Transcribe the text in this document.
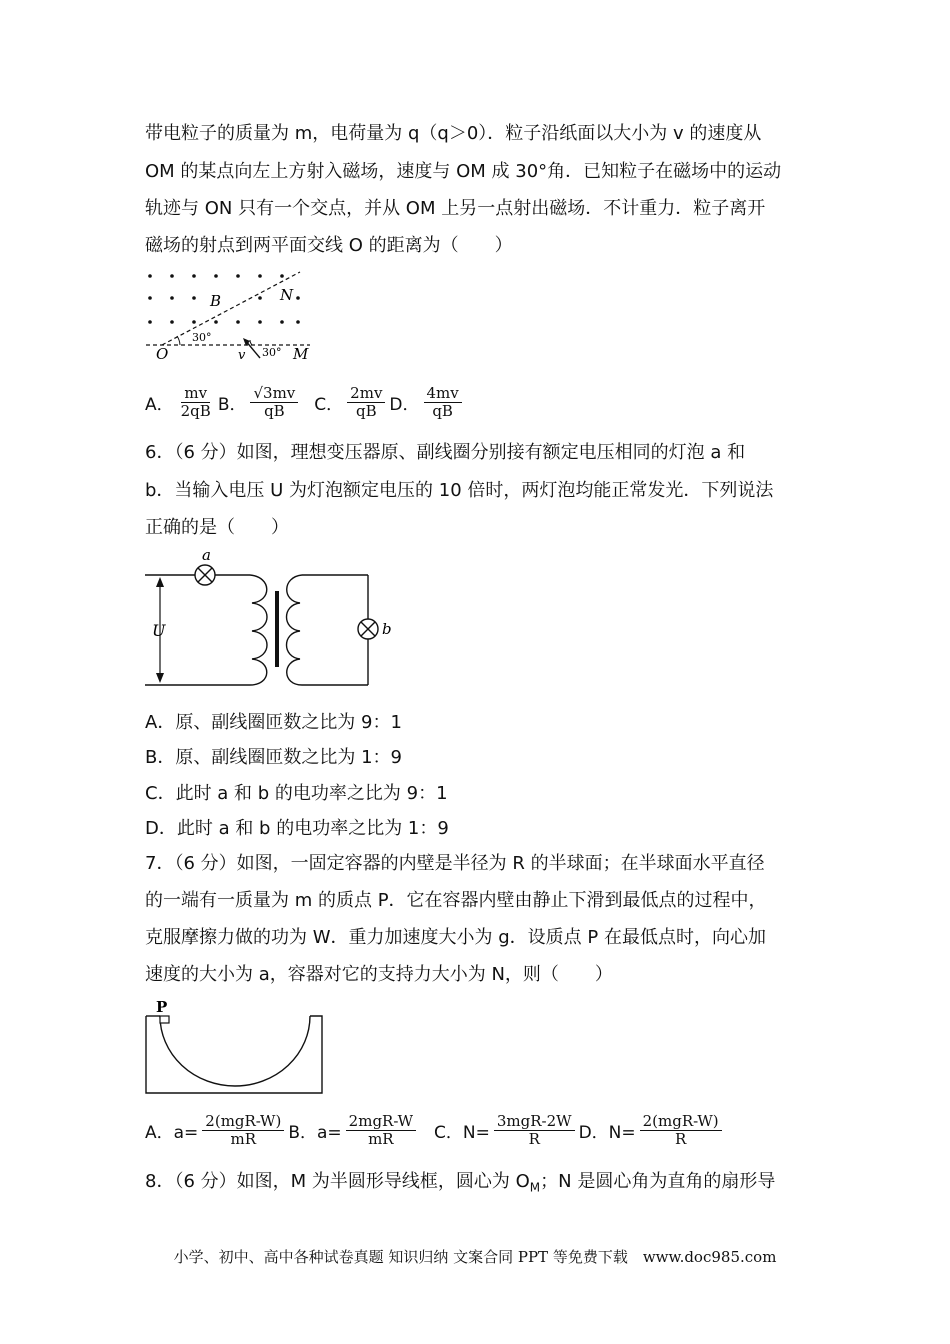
带电粒子的质量为 m，电荷量为 q（q＞0）．粒子沿纸面以大小为 v 的速度从
OM 的某点向左上方射入磁场，速度与 OM 成 30°角．已知粒子在磁场中的运动
轨迹与 ON 只有一个交点，并从 OM 上另一点射出磁场．不计重力．粒子离开
磁场的射点到两平面交线 O 的距离为（　　）
B	N
O	M
v
30°
30°
A． $\frac{mv}{2qB}$ B． $\frac{√3mv}{qB}$ C． $\frac{2mv}{qB}$ D． $\frac{4mv}{qB}$
6．（6 分）如图，理想变压器原、副线圈分别接有额定电压相同的灯泡 a 和
b．当输入电压 U 为灯泡额定电压的 10 倍时，两灯泡均能正常发光．下列说法
正确的是（　　）
a
b
U
A．原、副线圈匝数之比为 9：1
B．原、副线圈匝数之比为 1：9
C．此时 a 和 b 的电功率之比为 9：1
D．此时 a 和 b 的电功率之比为 1：9
7．（6 分）如图，一固定容器的内壁是半径为 R 的半球面；在半球面水平直径
的一端有一质量为 m 的质点 P．它在容器内壁由静止下滑到最低点的过程中，
克服摩擦力做的功为 W．重力加速度大小为 g．设质点 P 在最低点时，向心加
速度的大小为 a，容器对它的支持力大小为 N，则（　　）
P
A．$a= \frac{\text{2(mgR-W)}}{mR}$ B．$a= \frac{\text{2mgR-W}}{mR}$ C．$N= \frac{\text{3mgR-2W}}{R}$ D．$N= \frac{\text{2(mgR-W)}}{R}$
8．（6 分）如图，M 为半圆形导线框，圆心为 $O_M$；N 是圆心角为直角的扇形导
小学、初中、高中各种试卷真题 知识归纳 文案合同 PPT 等免费下载　www.doc985.com
